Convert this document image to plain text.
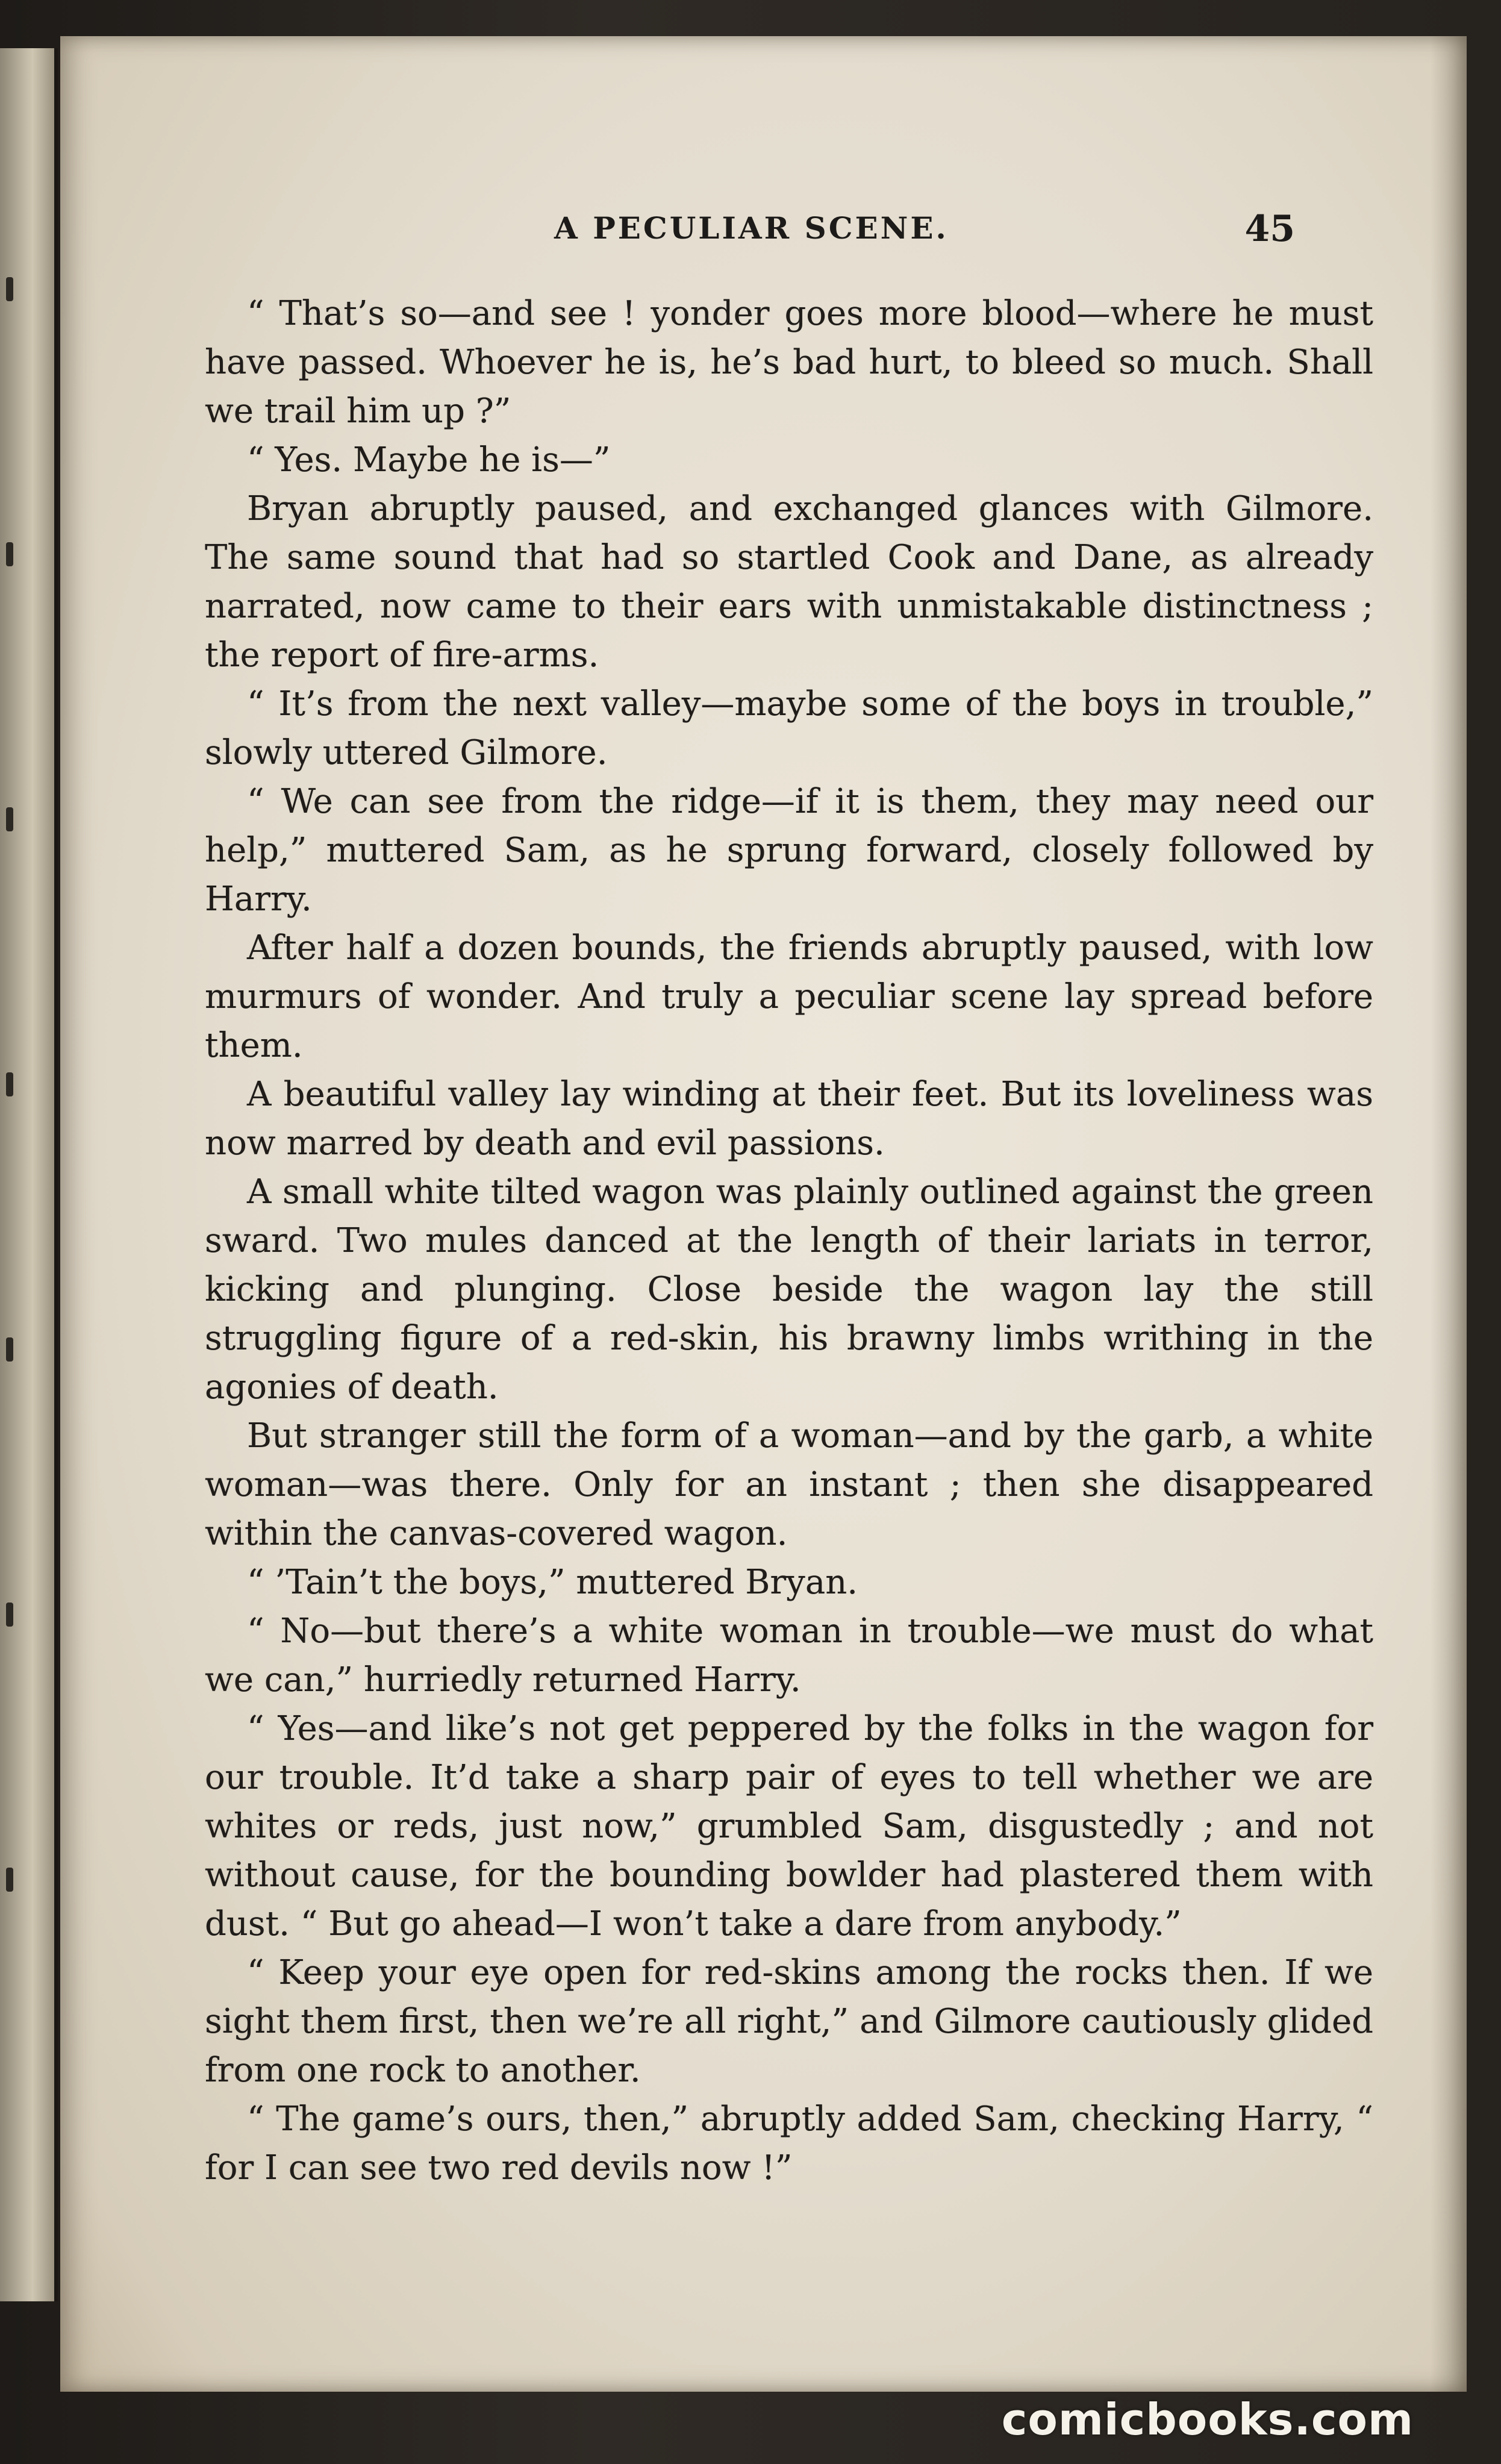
A PECULIAR SCENE.	45

“ That’s so—and see ! yonder goes more blood—where he must have passed. Whoever he is, he’s bad hurt, to bleed so much. Shall we trail him up ?”

“ Yes. Maybe he is—”

Bryan abruptly paused, and exchanged glances with Gilmore. The same sound that had so startled Cook and Dane, as already narrated, now came to their ears with unmistakable distinctness ; the report of fire-arms.

“ It’s from the next valley—maybe some of the boys in trouble,” slowly uttered Gilmore.

“ We can see from the ridge—if it is them, they may need our help,” muttered Sam, as he sprung forward, closely followed by Harry.

After half a dozen bounds, the friends abruptly paused, with low murmurs of wonder. And truly a peculiar scene lay spread before them.

A beautiful valley lay winding at their feet. But its loveliness was now marred by death and evil passions.

A small white tilted wagon was plainly outlined against the green sward. Two mules danced at the length of their lariats in terror, kicking and plunging. Close beside the wagon lay the still struggling figure of a red-skin, his brawny limbs writhing in the agonies of death.

But stranger still the form of a woman—and by the garb, a white woman—was there. Only for an instant ; then she disappeared within the canvas-covered wagon.

“ ’Tain’t the boys,” muttered Bryan.

“ No—but there’s a white woman in trouble—we must do what we can,” hurriedly returned Harry.

“ Yes—and like’s not get peppered by the folks in the wagon for our trouble. It’d take a sharp pair of eyes to tell whether we are whites or reds, just now,” grumbled Sam, disgustedly ; and not without cause, for the bounding bowlder had plastered them with dust. “ But go ahead—I won’t take a dare from anybody.”

“ Keep your eye open for red-skins among the rocks then. If we sight them first, then we’re all right,” and Gilmore cautiously glided from one rock to another.

“ The game’s ours, then,” abruptly added Sam, checking Harry, “ for I can see two red devils now !”

comicbooks.com
